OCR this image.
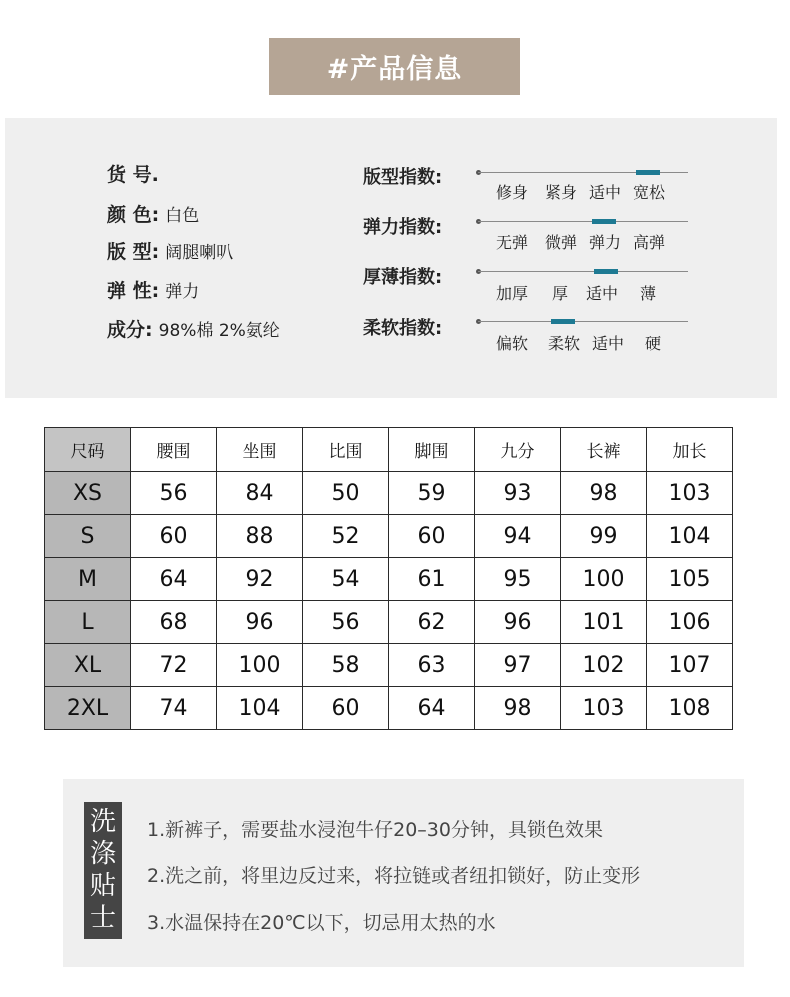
#产品信息
货 号 .
颜 色 : 白色
版 型 : 阔腿喇叭
弹 性 : 弹力
成分 : 98%棉 2%氨纶
版型指数:
修身 紧身 适中 宽松
弹力指数:
无弹 微弹 弹力 高弹
厚薄指数:
加厚 厚 适中 薄
柔软指数:
偏软 柔软 适中 硬
尺码	腰围	坐围	比围	脚围	九分	长裤	加长
XS	56	84	50	59	93	98	103
S	60	88	52	60	94	99	104
M	64	92	54	61	95	100	105
L	68	96	56	62	96	101	106
XL	72	100	58	63	97	102	107
2XL	74	104	60	64	98	103	108
洗
涤
贴
士
1.新裤子，需要盐水浸泡牛仔20–30分钟，具锁色效果
2.洗之前，将里边反过来，将拉链或者纽扣锁好，防止变形
3.水温保持在20℃以下，切忌用太热的水
